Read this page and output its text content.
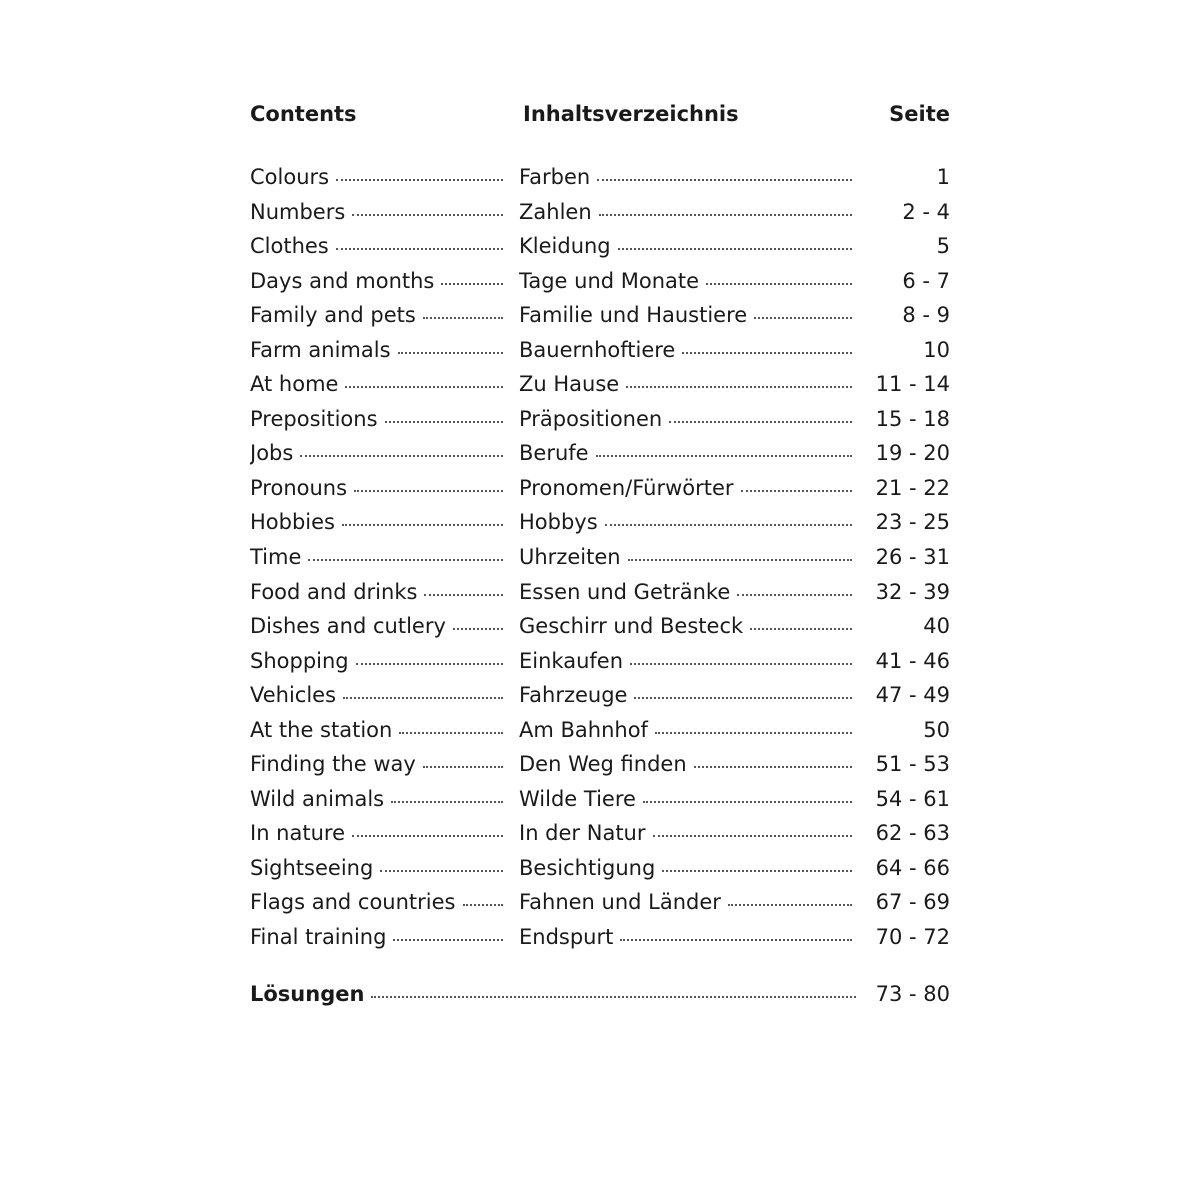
Contents	Inhaltsverzeichnis	Seite
Colours	Farben	1
Numbers	Zahlen	2 - 4
Clothes	Kleidung	5
Days and months	Tage und Monate	6 - 7
Family and pets	Familie und Haustiere	8 - 9
Farm animals	Bauernhoftiere	10
At home	Zu Hause	11 - 14
Prepositions	Präpositionen	15 - 18
Jobs	Berufe	19 - 20
Pronouns	Pronomen/Fürwörter	21 - 22
Hobbies	Hobbys	23 - 25
Time	Uhrzeiten	26 - 31
Food and drinks	Essen und Getränke	32 - 39
Dishes and cutlery	Geschirr und Besteck	40
Shopping	Einkaufen	41 - 46
Vehicles	Fahrzeuge	47 - 49
At the station	Am Bahnhof	50
Finding the way	Den Weg finden	51 - 53
Wild animals	Wilde Tiere	54 - 61
In nature	In der Natur	62 - 63
Sightseeing	Besichtigung	64 - 66
Flags and countries	Fahnen und Länder	67 - 69
Final training	Endspurt	70 - 72
Lösungen	73 - 80
